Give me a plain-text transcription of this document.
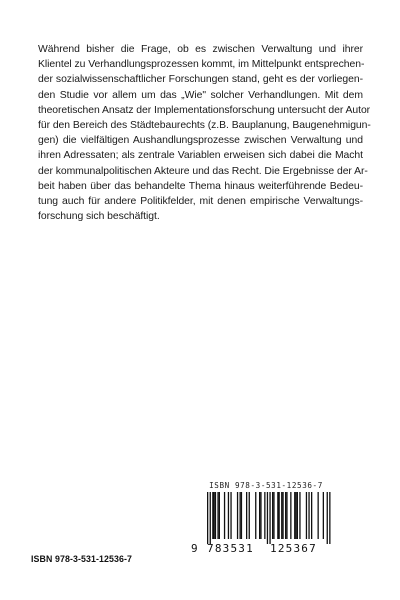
Während bisher die Frage, ob es zwischen Verwaltung und ihrer
Klientel zu Verhandlungsprozessen kommt, im Mittelpunkt entsprechen-
der sozialwissenschaftlicher Forschungen stand, geht es der vorliegen-
den Studie vor allem um das „Wie" solcher Verhandlungen. Mit dem
theoretischen Ansatz der Implementationsforschung untersucht der Autor
für den Bereich des Städtebaurechts (z.B. Bauplanung, Baugenehmigun-
gen) die vielfältigen Aushandlungsprozesse zwischen Verwaltung und
ihren Adressaten; als zentrale Variablen erweisen sich dabei die Macht
der kommunalpolitischen Akteure und das Recht. Die Ergebnisse der Ar-
beit haben über das behandelte Thema hinaus weiterführende Bedeu-
tung auch für andere Politikfelder, mit denen empirische Verwaltungs-
forschung sich beschäftigt.
ISBN 978-3-531-12536-7
9 783531 125367
ISBN 978-3-531-12536-7
